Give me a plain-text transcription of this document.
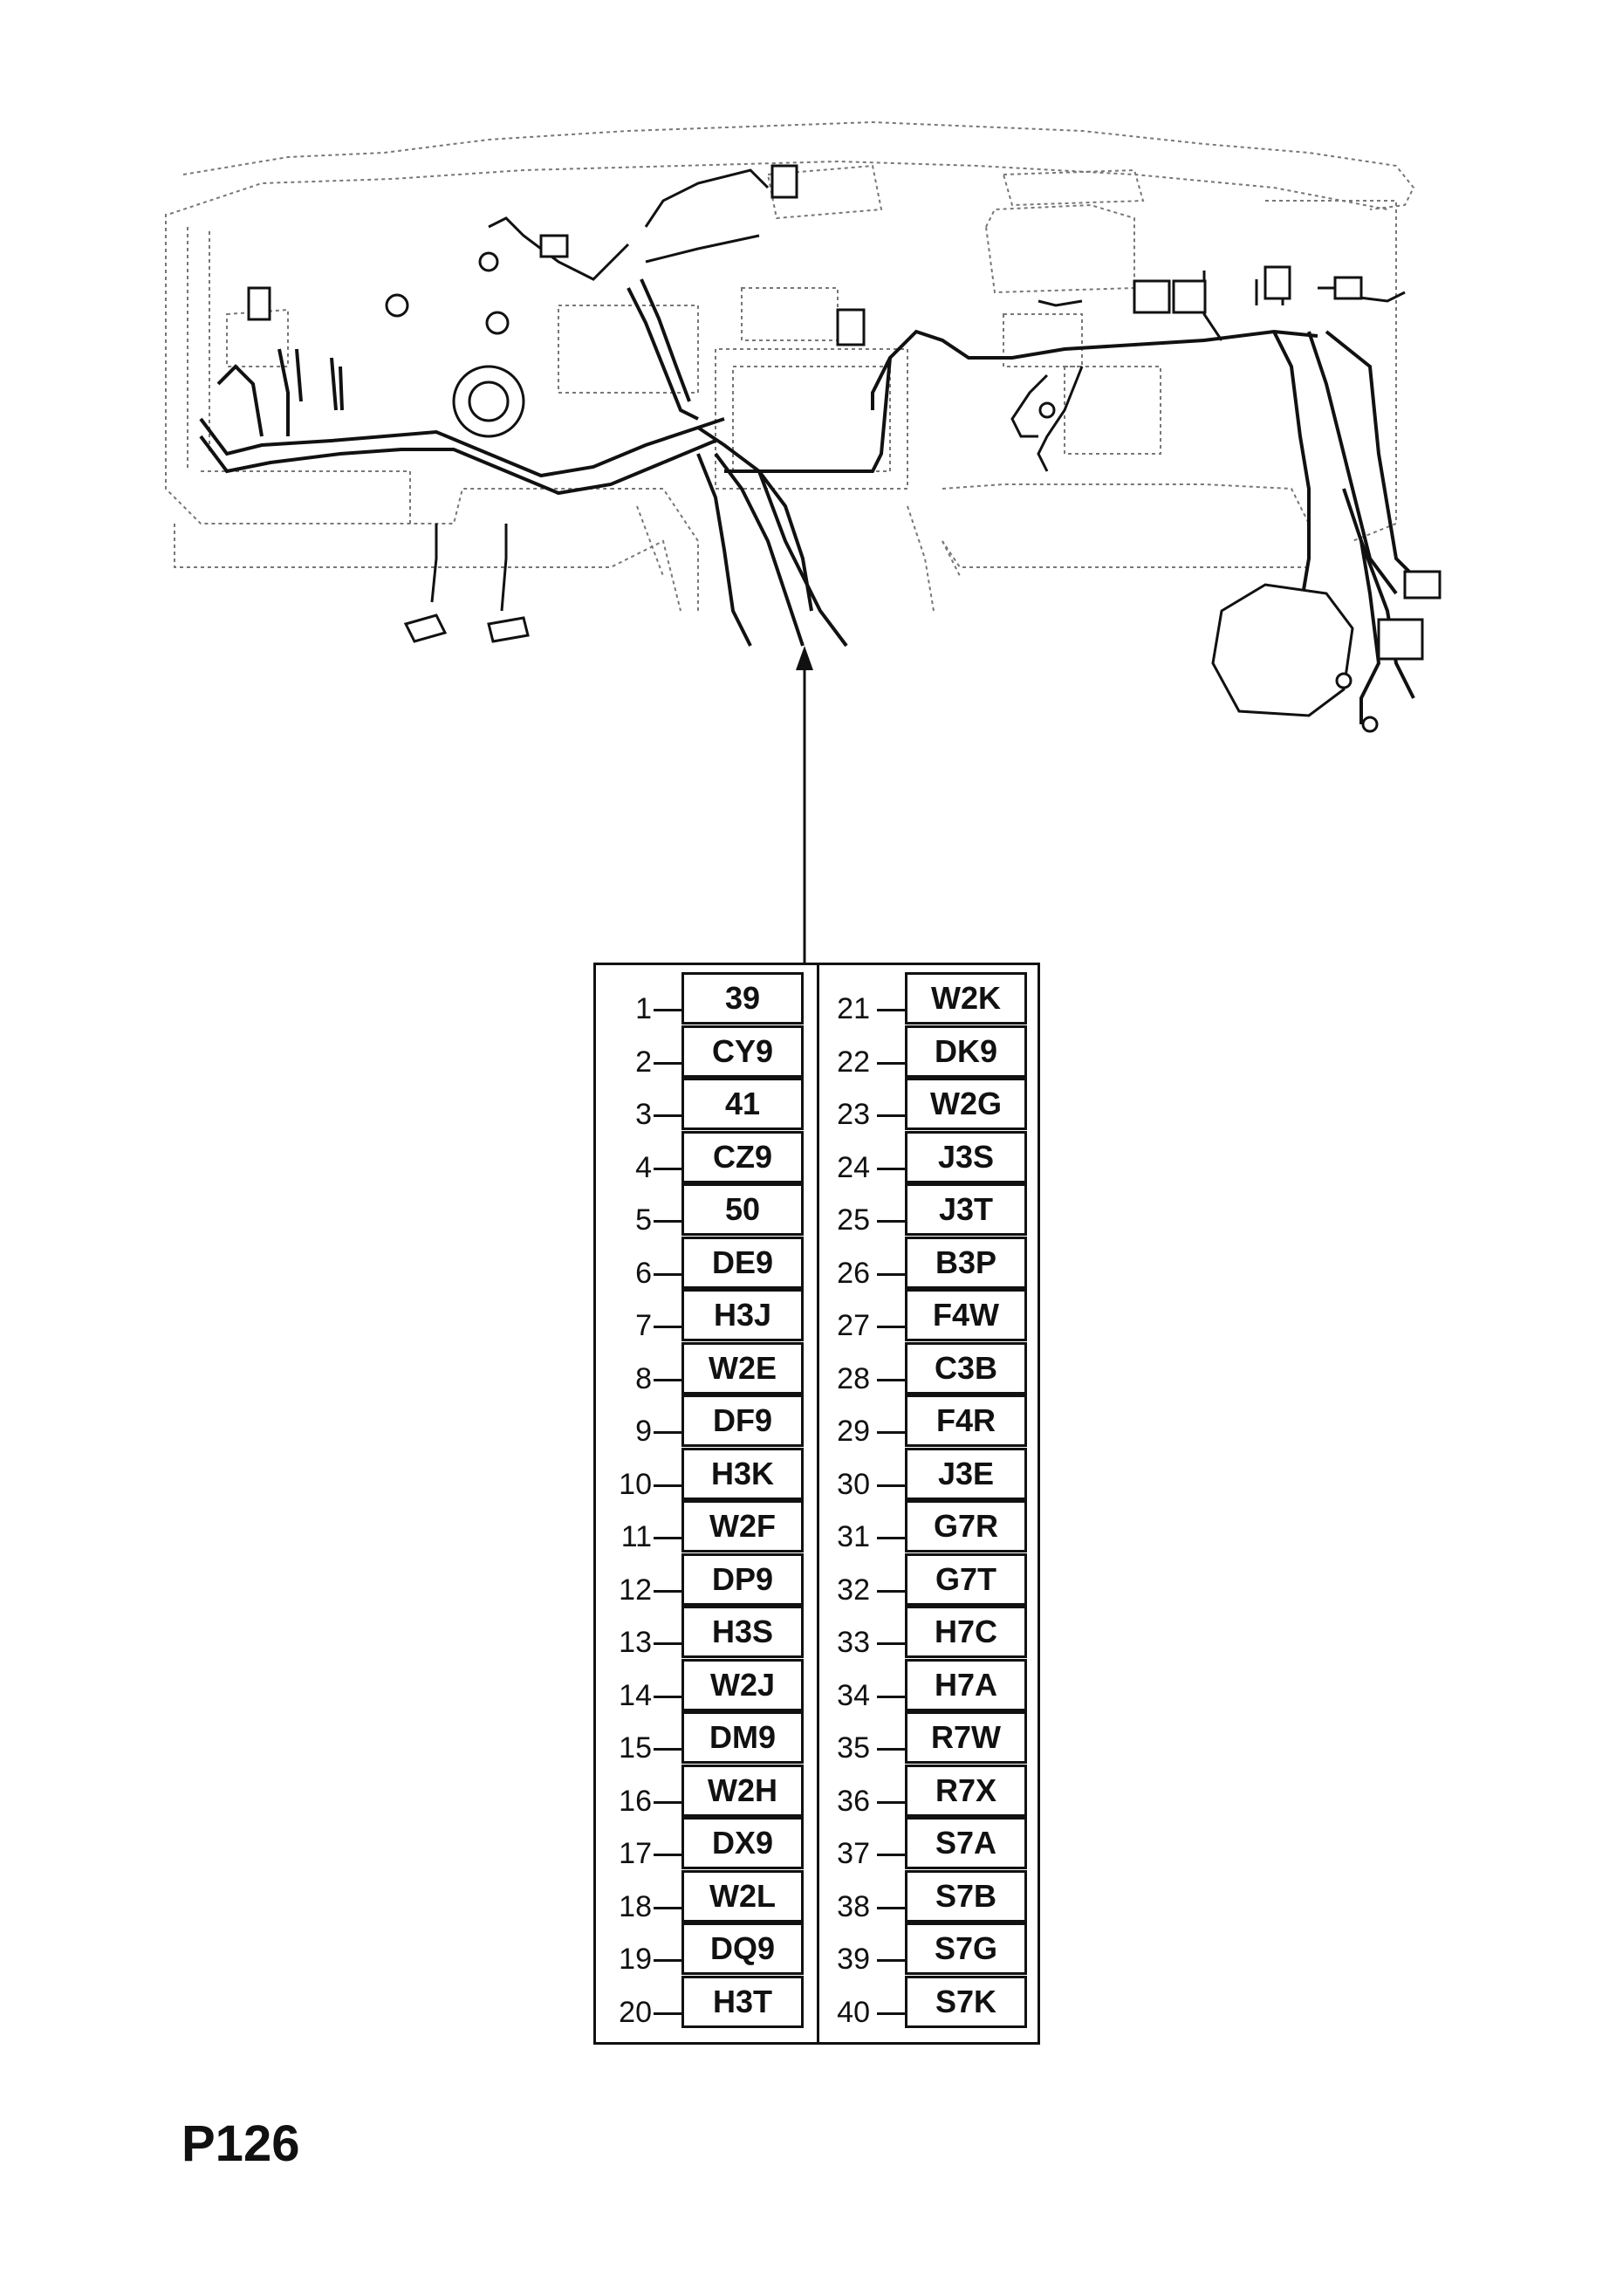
1	39
2	CY9
3	41
4	CZ9
5	50
6	DE9
7	H3J
8	W2E
9	DF9
10	H3K
11	W2F
12	DP9
13	H3S
14	W2J
15	DM9
16	W2H
17	DX9
18	W2L
19	DQ9
20	H3T
21	W2K
22	DK9
23	W2G
24	J3S
25	J3T
26	B3P
27	F4W
28	C3B
29	F4R
30	J3E
31	G7R
32	G7T
33	H7C
34	H7A
35	R7W
36	R7X
37	S7A
38	S7B
39	S7G
40	S7K
P126
